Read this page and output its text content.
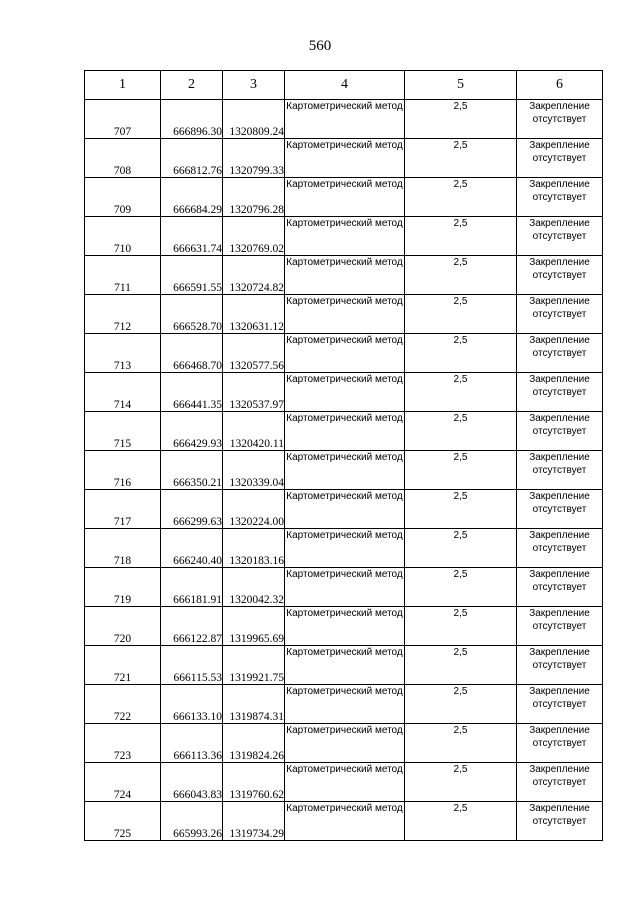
560
1	2	3	4	5	6
707	666896.30	1320809.24	Картометрический метод	2,5	Закрепление отсутствует
708	666812.76	1320799.33	Картометрический метод	2,5	Закрепление отсутствует
709	666684.29	1320796.28	Картометрический метод	2,5	Закрепление отсутствует
710	666631.74	1320769.02	Картометрический метод	2,5	Закрепление отсутствует
711	666591.55	1320724.82	Картометрический метод	2,5	Закрепление отсутствует
712	666528.70	1320631.12	Картометрический метод	2,5	Закрепление отсутствует
713	666468.70	1320577.56	Картометрический метод	2,5	Закрепление отсутствует
714	666441.35	1320537.97	Картометрический метод	2,5	Закрепление отсутствует
715	666429.93	1320420.11	Картометрический метод	2,5	Закрепление отсутствует
716	666350.21	1320339.04	Картометрический метод	2,5	Закрепление отсутствует
717	666299.63	1320224.00	Картометрический метод	2,5	Закрепление отсутствует
718	666240.40	1320183.16	Картометрический метод	2,5	Закрепление отсутствует
719	666181.91	1320042.32	Картометрический метод	2,5	Закрепление отсутствует
720	666122.87	1319965.69	Картометрический метод	2,5	Закрепление отсутствует
721	666115.53	1319921.75	Картометрический метод	2,5	Закрепление отсутствует
722	666133.10	1319874.31	Картометрический метод	2,5	Закрепление отсутствует
723	666113.36	1319824.26	Картометрический метод	2,5	Закрепление отсутствует
724	666043.83	1319760.62	Картометрический метод	2,5	Закрепление отсутствует
725	665993.26	1319734.29	Картометрический метод	2,5	Закрепление отсутствует
